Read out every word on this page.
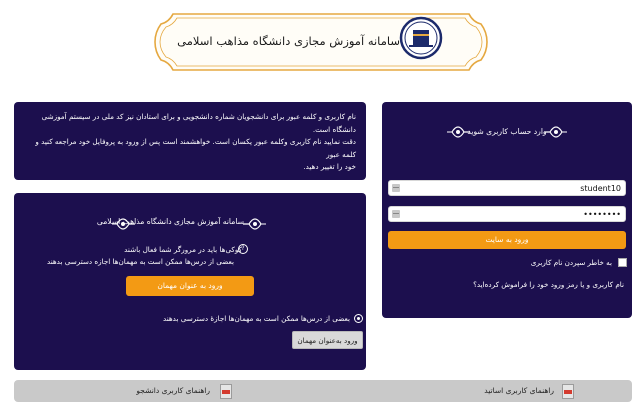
سامانه آموزش مجازی دانشگاه مذاهب اسلامی
نام کاربری و کلمه عبور برای دانشجویان شماره دانشجویی و برای استادان نیز کد ملی در سیستم آموزشی دانشگاه است.
دقت نمایید نام کاربری وکلمه عبور یکسان است. خواهشمند است پس از ورود به پروفایل خود مراجعه کنید و کلمه عبور
خود را تغییر دهید.
سامانه آموزش مجازی دانشگاه مذاهب اسلامی
?
کوکی‌ها باید در مرورگر شما فعال باشند
بعضی از درس‌ها ممکن است به مهمان‌ها اجازه دسترسی بدهند
ورود به عنوان مهمان
بعضی از درس‌ها ممکن است به مهمان‌ها اجازهٔ دسترسی بدهند
ورود به‌عنوان مهمان
وارد حساب کاربری شوید
student10
••••••••
ورود به سایت
به خاطر سپردن نام کاربری
نام کاربری و یا رمز ورود خود را فراموش کرده‌اید؟
راهنمای کاربری اساتید
راهنمای کاربری دانشجو
